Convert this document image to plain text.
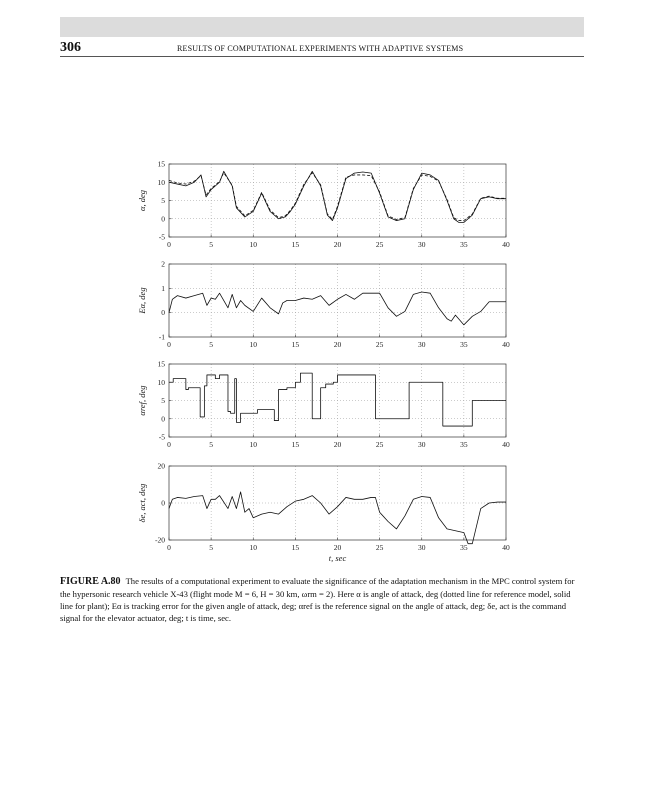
306	RESULTS OF COMPUTATIONAL EXPERIMENTS WITH ADAPTIVE SYSTEMS
0	5	10	15	20	25	30	35	40
15
10
5
0
-5
α, deg
0	5	10	15	20	25	30	35	40
2
1
0
-1
Eα, deg
0	5	10	15	20	25	30	35	40
15
10
5
0
-5
αref, deg
0	5	10	15	20	25	30	35	40
20
0
-20
δe, act, deg
t, sec
FIGURE A.80 The results of a computational experiment to evaluate the significance of the adaptation mechanism in the MPC control system for the hypersonic research vehicle X-43 (flight mode M = 6, H = 30 km, ωrm = 2). Here α is angle of attack, deg (dotted line for reference model, solid line for plant); Eα is tracking error for the given angle of attack, deg; αref is the reference signal on the angle of attack, deg; δe, act is the command signal for the elevator actuator, deg; t is time, sec.
